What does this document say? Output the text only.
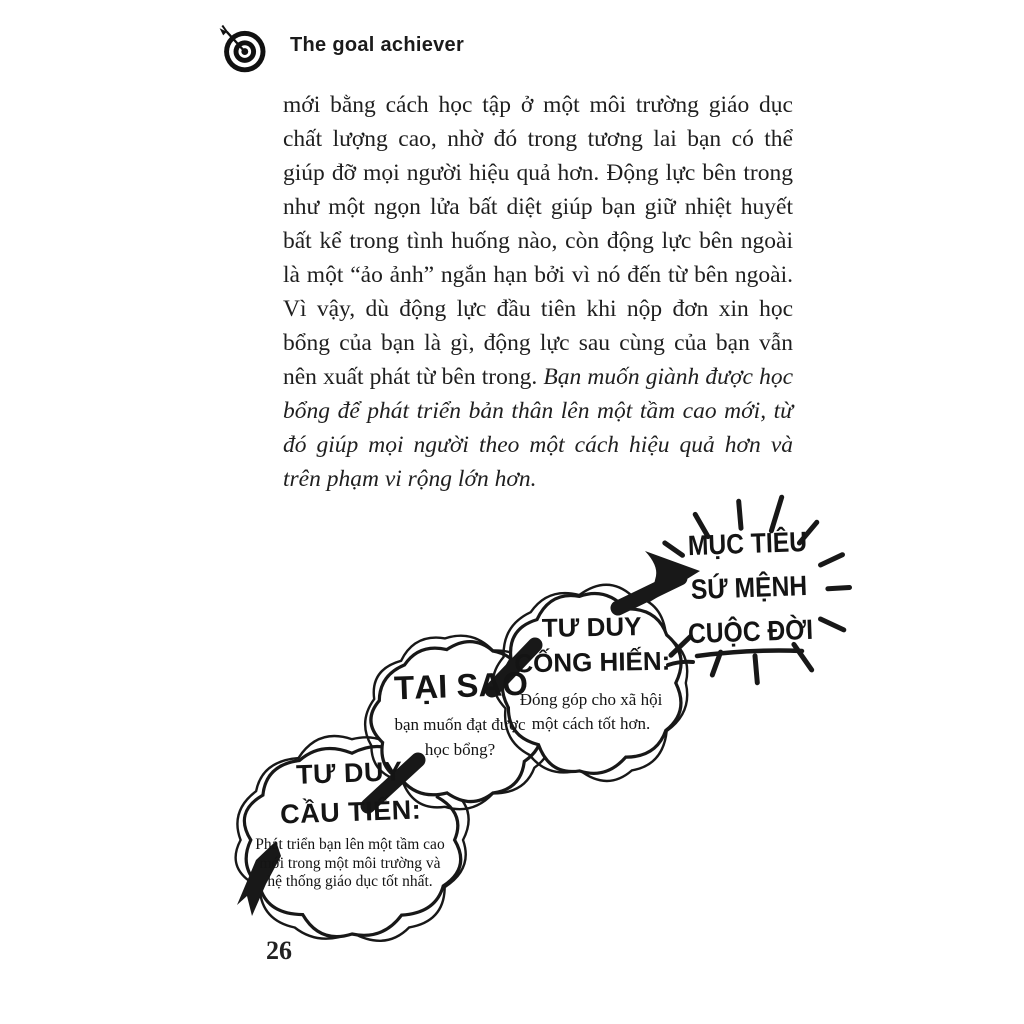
The goal achiever

mới bằng cách học tập ở một môi trường giáo dục chất lượng cao, nhờ đó trong tương lai bạn có thể giúp đỡ mọi người hiệu quả hơn. Động lực bên trong như một ngọn lửa bất diệt giúp bạn giữ nhiệt huyết bất kể trong tình huống nào, còn động lực bên ngoài là một “ảo ảnh” ngắn hạn bởi vì nó đến từ bên ngoài. Vì vậy, dù động lực đầu tiên khi nộp đơn xin học bổng của bạn là gì, động lực sau cùng của bạn vẫn nên xuất phát từ bên trong. Bạn muốn giành được học bổng để phát triển bản thân lên một tầm cao mới, từ đó giúp mọi người theo một cách hiệu quả hơn và trên phạm vi rộng lớn hơn.

TƯ DUY
CẦU TIẾN:
Phát triển bạn lên một tầm cao mới trong một môi trường và hệ thống giáo dục tốt nhất.
TẠI SAO
bạn muốn đạt được học bổng?
TƯ DUY
CỐNG HIẾN:
Đóng góp cho xã hội một cách tốt hơn.
MỤC TIÊU
SỨ MỆNH
CUỘC ĐỜI
26
